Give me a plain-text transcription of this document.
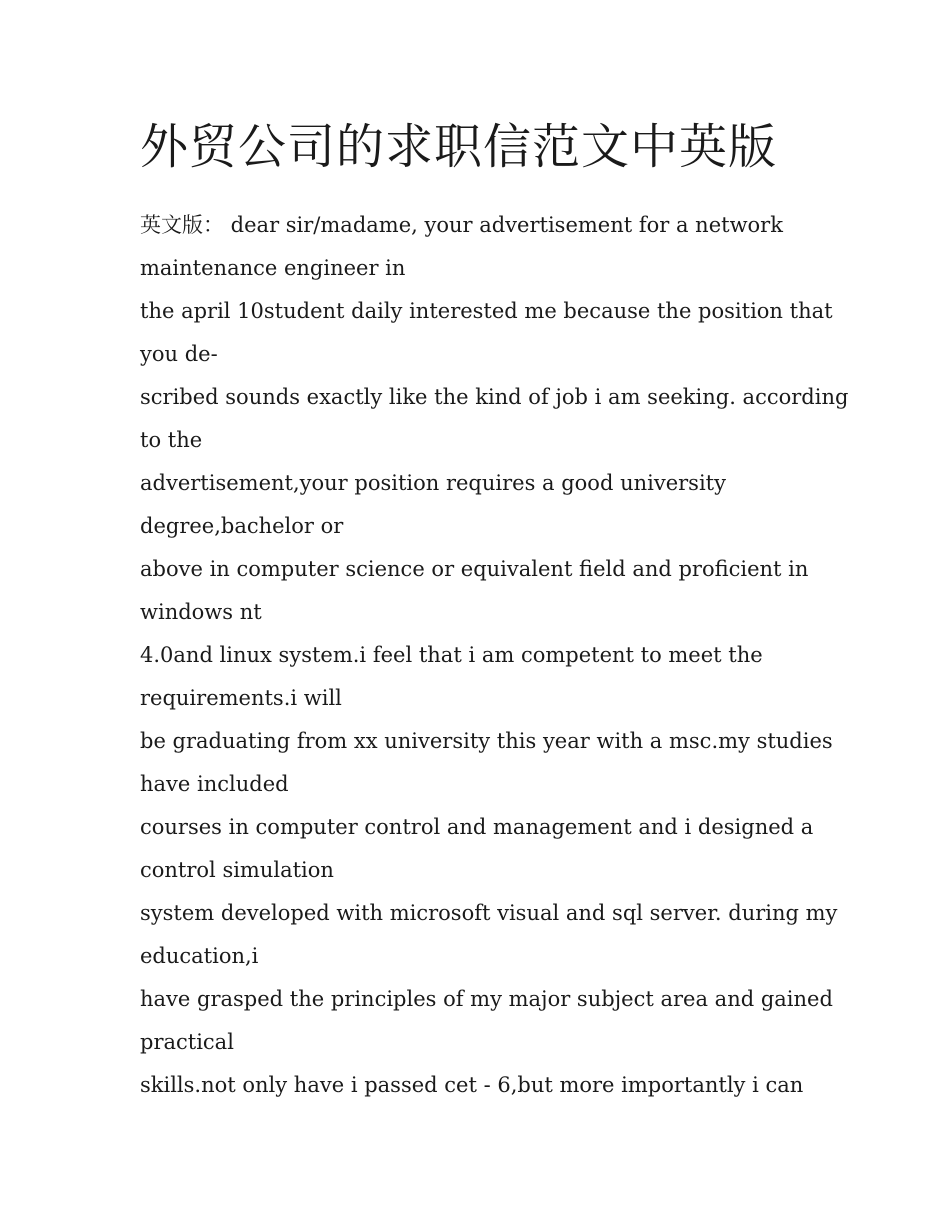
外贸公司的求职信范文中英版
英文版： dear sir/madame, your advertisement for a network
maintenance engineer in
the april 10student daily interested me because the position that
you de-
scribed sounds exactly like the kind of job i am seeking. according
to the
advertisement,your position requires a good university
degree,bachelor or
above in computer science or equivalent field and proficient in
windows nt
4.0and linux system.i feel that i am competent to meet the
requirements.i will
be graduating from xx university this year with a msc.my studies
have included
courses in computer control and management and i designed a
control simulation
system developed with microsoft visual and sql server. during my
education,i
have grasped the principles of my major subject area and gained
practical
skills.not only have i passed cet - 6,but more importantly i can
